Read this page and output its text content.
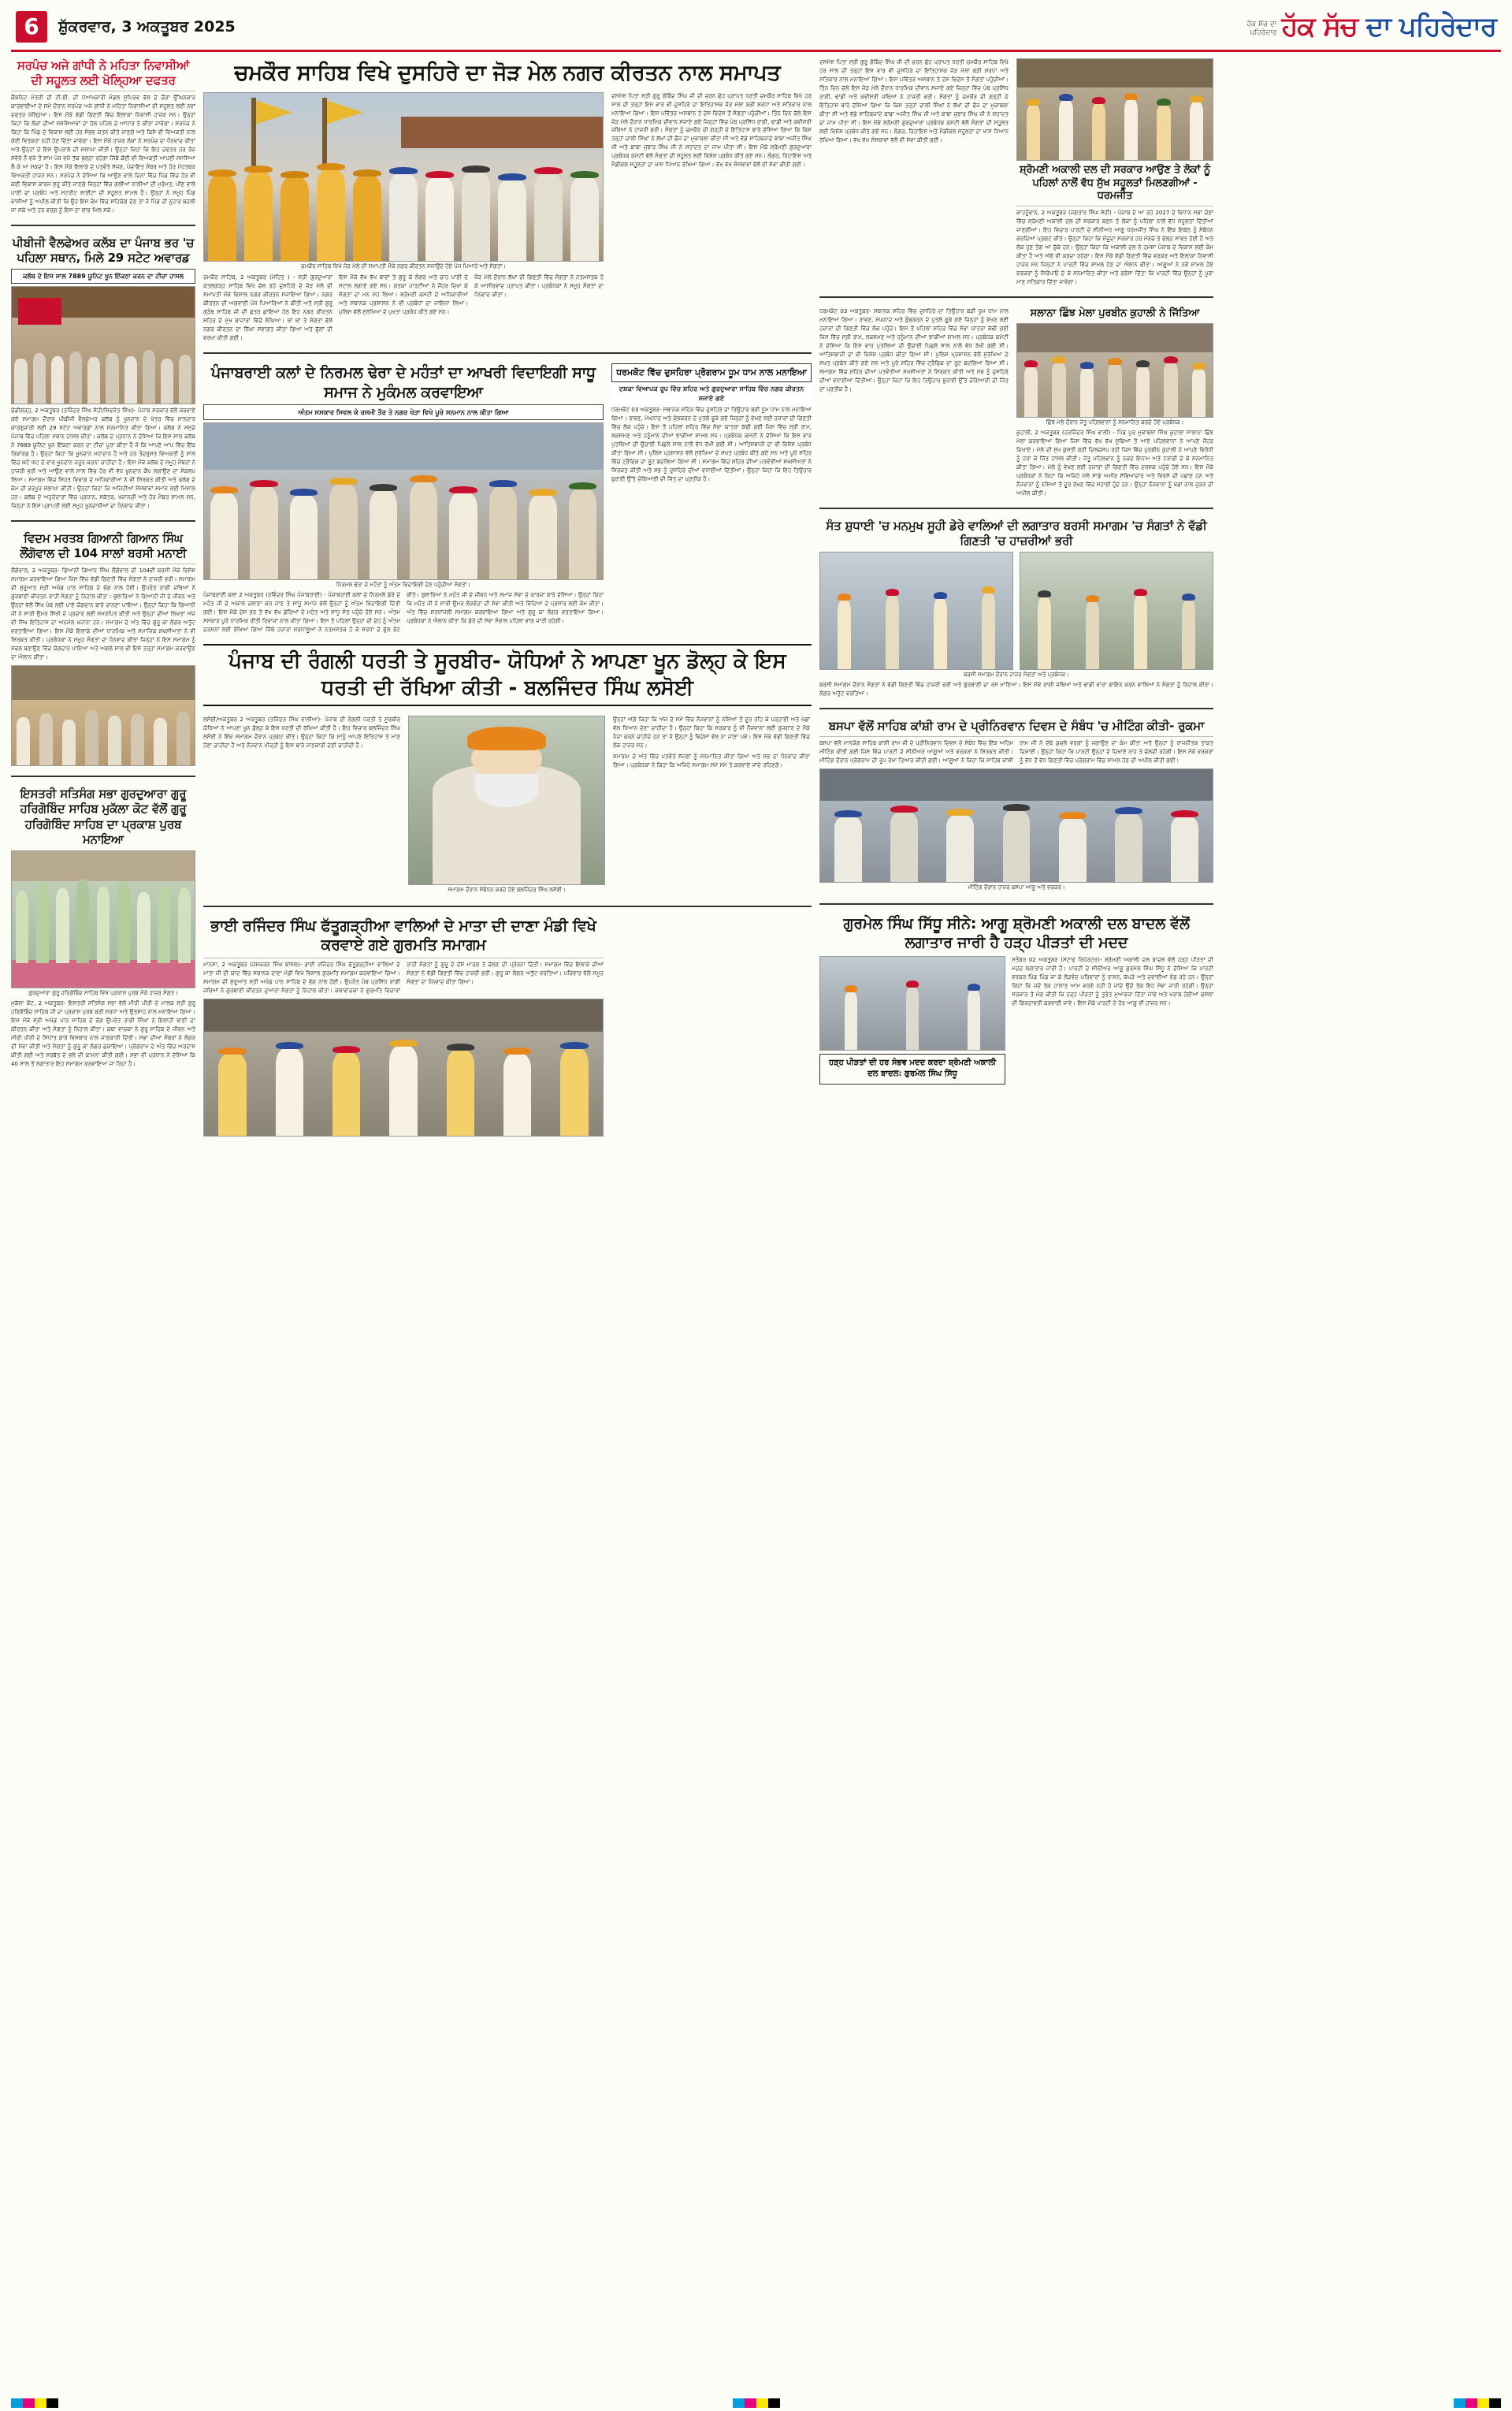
6	ਸ਼ੁੱਕਰਵਾਰ, 3 ਅਕਤੂਬਰ 2025	ਹੱਕ ਸੱਚ ਦਾ
ਪਹਿਰੇਦਾਰ ਹੱਕ ਸੱਚ ਦਾ ਪਹਿਰੇਦਾਰ
ਸਰਪੰਚ ਅਜੇ ਗਾਂਧੀ ਨੇ ਮਹਿਤਾ ਨਿਵਾਸੀਆਂ ਦੀ ਸਹੂਲਤ ਲਈ ਖੋਲ੍ਹਿਆ ਦਫਤਰ
ਕੈਬਨਿਟ ਮੰਤਰੀ ਦੀ ਟੀ.ਈ. ਦੀ ਧਆਖਕਾਰੀ ਮੰਡਲ ਸੁਪਿਰਵ ਵੱਲ ਦੇ ਚੌੜਾ ਉੱਘਨਕਾਰ ਕਾਰਵਾਈਆਂ ਦੇ ਸਮੇਂ ਦੌਰਾਨ ਸਰਪੰਚ ਅਜੇ ਗਾਂਧੀ ਨੇ ਮਹਿਤਾ ਨਿਵਾਸੀਆਂ ਦੀ ਸਹੂਲਤ ਲਈ ਨਵਾਂ ਦਫਤਰ ਖੋਲ੍ਹਿਆ। ਇਸ ਮੌਕੇ ਵੱਡੀ ਗਿਣਤੀ ਵਿੱਚ ਇਲਾਕਾ ਨਿਵਾਸੀ ਹਾਜ਼ਰ ਸਨ। ਉਨ੍ਹਾਂ ਕਿਹਾ ਕਿ ਲੋਕਾਂ ਦੀਆਂ ਸਮੱਸਿਆਵਾਂ ਦਾ ਹੱਲ ਪਹਿਲ ਦੇ ਆਧਾਰ ਤੇ ਕੀਤਾ ਜਾਵੇਗਾ। ਸਰਪੰਚ ਨੇ ਕਿਹਾ ਕਿ ਪਿੰਡ ਦੇ ਵਿਕਾਸ ਲਈ ਹਰ ਸੰਭਵ ਯਤਨ ਕੀਤੇ ਜਾਣਗੇ ਅਤੇ ਕਿਸੇ ਵੀ ਵਿਅਕਤੀ ਨਾਲ ਕੋਈ ਵਿਤਕਰਾ ਨਹੀਂ ਹੋਣ ਦਿੱਤਾ ਜਾਵੇਗਾ। ਇਸ ਮੌਕੇ ਹਾਜ਼ਰ ਲੋਕਾਂ ਨੇ ਸਰਪੰਚ ਦਾ ਧੰਨਵਾਦ ਕੀਤਾ ਅਤੇ ਉਨ੍ਹਾਂ ਦੇ ਇਸ ਉਪਰਾਲੇ ਦੀ ਸ਼ਲਾਘਾ ਕੀਤੀ। ਉਨ੍ਹਾਂ ਕਿਹਾ ਕਿ ਇਹ ਦਫਤਰ ਹਰ ਰੋਜ਼ ਸਵੇਰੇ ਨੌ ਵਜੇ ਤੋਂ ਸ਼ਾਮ ਪੰਜ ਵਜੇ ਤੱਕ ਖੁੱਲ੍ਹਾ ਰਹੇਗਾ ਜਿੱਥੇ ਕੋਈ ਵੀ ਵਿਅਕਤੀ ਆਪਣੀ ਸਮੱਸਿਆ ਲੈ ਕੇ ਆ ਸਕਦਾ ਹੈ। ਇਸ ਮੌਕੇ ਇਲਾਕੇ ਦੇ ਪਤਵੰਤੇ ਸੱਜਣ, ਪੰਚਾਇਤ ਮੈਂਬਰ ਅਤੇ ਹੋਰ ਮੋਹਤਬਰ ਵਿਅਕਤੀ ਹਾਜ਼ਰ ਸਨ। ਸਰਪੰਚ ਨੇ ਦੱਸਿਆ ਕਿ ਆਉਣ ਵਾਲੇ ਦਿਨਾਂ ਵਿੱਚ ਪਿੰਡ ਵਿੱਚ ਹੋਰ ਵੀ ਕਈ ਵਿਕਾਸ ਕਾਰਜ ਸ਼ੁਰੂ ਕੀਤੇ ਜਾਣਗੇ ਜਿਨ੍ਹਾਂ ਵਿੱਚ ਗਲੀਆਂ ਨਾਲੀਆਂ ਦੀ ਮੁਰੰਮਤ, ਪੀਣ ਵਾਲੇ ਪਾਣੀ ਦਾ ਪ੍ਰਬੰਧ ਅਤੇ ਸਟਰੀਟ ਲਾਈਟਾਂ ਦੀ ਸਹੂਲਤ ਸ਼ਾਮਲ ਹੈ। ਉਨ੍ਹਾਂ ਨੇ ਸਮੂਹ ਪਿੰਡ ਵਾਸੀਆਂ ਨੂੰ ਅਪੀਲ ਕੀਤੀ ਕਿ ਉਹ ਇਸ ਕੰਮ ਵਿੱਚ ਸਹਿਯੋਗ ਦੇਣ ਤਾਂ ਜੋ ਪਿੰਡ ਦੀ ਨੁਹਾਰ ਬਦਲੀ ਜਾ ਸਕੇ ਅਤੇ ਹਰ ਵਰਗ ਨੂੰ ਇਸ ਦਾ ਲਾਭ ਮਿਲ ਸਕੇ।
ਪੀਬੀਜੀ ਵੈਲਫੇਅਰ ਕਲੱਬ ਦਾ ਪੰਜਾਬ ਭਰ 'ਚ ਪਹਿਲਾ ਸਥਾਨ, ਮਿਲੇ 29 ਸਟੇਟ ਅਵਾਰਡ
ਕਲੱਬ ਦੇ ਇਸ ਸਾਲ 7889 ਯੂਨਿਟ ਖੂਨ ਇੱਕਠਾ ਕਰਨ ਦਾ ਟੀਚਾ ਹਾਸਲ
ਚੰਡੀਗੜ੍ਹ, 2 ਅਕਤੂਬਰ (ਤਜਿੰਦਰ ਸਿੰਘ ਸੋਹੀ/ਸ਼ਿਵਜੋਤ ਸਿੰਘ)- ਪੰਜਾਬ ਸਰਕਾਰ ਵੱਲੋਂ ਕਰਵਾਏ ਗਏ ਸਮਾਗਮ ਦੌਰਾਨ ਪੀਬੀਜੀ ਵੈਲਫੇਅਰ ਕਲੱਬ ਨੂੰ ਖੂਨਦਾਨ ਦੇ ਖੇਤਰ ਵਿੱਚ ਸ਼ਾਨਦਾਰ ਕਾਰਗੁਜ਼ਾਰੀ ਲਈ 29 ਸਟੇਟ ਅਵਾਰਡਾਂ ਨਾਲ ਸਨਮਾਨਿਤ ਕੀਤਾ ਗਿਆ। ਕਲੱਬ ਨੇ ਸਮੁੱਚੇ ਪੰਜਾਬ ਵਿੱਚ ਪਹਿਲਾ ਸਥਾਨ ਹਾਸਲ ਕੀਤਾ। ਕਲੱਬ ਦੇ ਪ੍ਰਧਾਨ ਨੇ ਦੱਸਿਆ ਕਿ ਇਸ ਸਾਲ ਕਲੱਬ ਨੇ 7889 ਯੂਨਿਟ ਖੂਨ ਇੱਕਠਾ ਕਰਨ ਦਾ ਟੀਚਾ ਪੂਰਾ ਕੀਤਾ ਹੈ ਜੋ ਕਿ ਆਪਣੇ ਆਪ ਵਿੱਚ ਇੱਕ ਰਿਕਾਰਡ ਹੈ। ਉਨ੍ਹਾਂ ਕਿਹਾ ਕਿ ਖੂਨਦਾਨ ਮਹਾਦਾਨ ਹੈ ਅਤੇ ਹਰ ਤੰਦਰੁਸਤ ਵਿਅਕਤੀ ਨੂੰ ਸਾਲ ਵਿੱਚ ਘੱਟੋ ਘੱਟ ਦੋ ਵਾਰ ਖੂਨਦਾਨ ਜ਼ਰੂਰ ਕਰਨਾ ਚਾਹੀਦਾ ਹੈ। ਇਸ ਮੌਕੇ ਕਲੱਬ ਦੇ ਸਮੂਹ ਮੈਂਬਰਾਂ ਨੇ ਹਾਜ਼ਰੀ ਭਰੀ ਅਤੇ ਆਉਣ ਵਾਲੇ ਸਾਲ ਵਿੱਚ ਹੋਰ ਵੀ ਵੱਧ ਖੂਨਦਾਨ ਕੈਂਪ ਲਗਾਉਣ ਦਾ ਸੰਕਲਪ ਲਿਆ। ਸਮਾਗਮ ਵਿੱਚ ਸਿਹਤ ਵਿਭਾਗ ਦੇ ਅਧਿਕਾਰੀਆਂ ਨੇ ਵੀ ਸ਼ਿਰਕਤ ਕੀਤੀ ਅਤੇ ਕਲੱਬ ਦੇ ਕੰਮ ਦੀ ਭਰਪੂਰ ਸ਼ਲਾਘਾ ਕੀਤੀ। ਉਨ੍ਹਾਂ ਕਿਹਾ ਕਿ ਅਜਿਹੀਆਂ ਸੰਸਥਾਵਾਂ ਸਮਾਜ ਲਈ ਮਿਸਾਲ ਹਨ। ਕਲੱਬ ਦੇ ਅਹੁਦੇਦਾਰਾਂ ਵਿੱਚ ਪ੍ਰਧਾਨ, ਸਕੱਤਰ, ਖਜ਼ਾਨਚੀ ਅਤੇ ਹੋਰ ਮੈਂਬਰ ਸ਼ਾਮਲ ਸਨ, ਜਿਨ੍ਹਾਂ ਨੇ ਇਸ ਪ੍ਰਾਪਤੀ ਲਈ ਸਮੂਹ ਖੂਨਦਾਨੀਆਂ ਦਾ ਧੰਨਵਾਦ ਕੀਤਾ।
ਵਿਦਮ ਮਰਤਬ ਗਿਆਨੀ ਗਿਆਨ ਸਿੰਘ ਲੌਂਗੋਵਾਲ ਦੀ 104 ਸਾਲਾਂ ਬਰਸੀ ਮਨਾਈ
ਲੌਂਗੋਵਾਲ, 2 ਅਕਤੂਬਰ- ਗਿਆਨੀ ਗਿਆਨ ਸਿੰਘ ਲੌਂਗੋਵਾਲ ਦੀ 104ਵੀਂ ਬਰਸੀ ਮੌਕੇ ਵਿਸ਼ੇਸ਼ ਸਮਾਗਮ ਕਰਵਾਇਆ ਗਿਆ ਜਿਸ ਵਿੱਚ ਵੱਡੀ ਗਿਣਤੀ ਵਿੱਚ ਸੰਗਤਾਂ ਨੇ ਹਾਜ਼ਰੀ ਭਰੀ। ਸਮਾਗਮ ਦੀ ਸ਼ੁਰੂਆਤ ਸ੍ਰੀ ਅਖੰਡ ਪਾਠ ਸਾਹਿਬ ਦੇ ਭੋਗ ਨਾਲ ਹੋਈ। ਉਪਰੰਤ ਰਾਗੀ ਜਥਿਆਂ ਨੇ ਗੁਰਬਾਣੀ ਕੀਰਤਨ ਰਾਹੀਂ ਸੰਗਤਾਂ ਨੂੰ ਨਿਹਾਲ ਕੀਤਾ। ਬੁਲਾਰਿਆਂ ਨੇ ਗਿਆਨੀ ਜੀ ਦੇ ਜੀਵਨ ਅਤੇ ਉਨ੍ਹਾਂ ਵੱਲੋਂ ਸਿੱਖ ਪੰਥ ਲਈ ਪਾਏ ਯੋਗਦਾਨ ਬਾਰੇ ਚਾਨਣਾ ਪਾਇਆ। ਉਨ੍ਹਾਂ ਕਿਹਾ ਕਿ ਗਿਆਨੀ ਜੀ ਨੇ ਸਾਰੀ ਉਮਰ ਸਿੱਖੀ ਦੇ ਪ੍ਰਚਾਰ ਲਈ ਸਮਰਪਿਤ ਕੀਤੀ ਅਤੇ ਉਨ੍ਹਾਂ ਦੀਆਂ ਲਿਖਤਾਂ ਅੱਜ ਵੀ ਸਿੱਖ ਇਤਿਹਾਸ ਦਾ ਅਨਮੋਲ ਖਜ਼ਾਨਾ ਹਨ। ਸਮਾਗਮ ਦੇ ਅੰਤ ਵਿੱਚ ਗੁਰੂ ਕਾ ਲੰਗਰ ਅਤੁੱਟ ਵਰਤਾਇਆ ਗਿਆ। ਇਸ ਮੌਕੇ ਇਲਾਕੇ ਦੀਆਂ ਧਾਰਮਿਕ ਅਤੇ ਸਮਾਜਿਕ ਸ਼ਖਸੀਅਤਾਂ ਨੇ ਵੀ ਸ਼ਿਰਕਤ ਕੀਤੀ। ਪ੍ਰਬੰਧਕਾਂ ਨੇ ਸਮੂਹ ਸੰਗਤਾਂ ਦਾ ਧੰਨਵਾਦ ਕੀਤਾ ਜਿਨ੍ਹਾਂ ਨੇ ਇਸ ਸਮਾਗਮ ਨੂੰ ਸਫਲ ਬਣਾਉਣ ਵਿੱਚ ਯੋਗਦਾਨ ਪਾਇਆ ਅਤੇ ਅਗਲੇ ਸਾਲ ਵੀ ਇਸੇ ਤਰ੍ਹਾਂ ਸਮਾਗਮ ਕਰਵਾਉਣ ਦਾ ਐਲਾਨ ਕੀਤਾ।
ਇਸਤਰੀ ਸਤਿਸੰਗ ਸਭਾ ਗੁਰਦੁਆਰਾ ਗੁਰੂ ਹਰਿਗੋਬਿੰਦ ਸਾਹਿਬ ਮੁਕੱਲਾ ਕੋਟ ਵੱਲੋਂ ਗੁਰੂ ਹਰਿਗੋਬਿੰਦ ਸਾਹਿਬ ਦਾ ਪ੍ਰਕਾਸ਼ ਪੁਰਬ ਮਨਾਇਆ
ਗੁਰਦੁਆਰਾ ਗੁਰੂ ਹਰਿਗੋਬਿੰਦ ਸਾਹਿਬ ਵਿਖੇ ਪ੍ਰਕਾਸ਼ ਪੁਰਬ ਮੌਕੇ ਹਾਜ਼ਰ ਸੰਗਤ।
ਮੁਕੱਲਾ ਕੋਟ, 2 ਅਕਤੂਬਰ- ਇਸਤਰੀ ਸਤਿਸੰਗ ਸਭਾ ਵੱਲੋਂ ਮੀਰੀ ਪੀਰੀ ਦੇ ਮਾਲਕ ਸ੍ਰੀ ਗੁਰੂ ਹਰਿਗੋਬਿੰਦ ਸਾਹਿਬ ਜੀ ਦਾ ਪ੍ਰਕਾਸ਼ ਪੁਰਬ ਬੜੀ ਸ਼ਰਧਾ ਅਤੇ ਉਤਸ਼ਾਹ ਨਾਲ ਮਨਾਇਆ ਗਿਆ। ਇਸ ਮੌਕੇ ਸ੍ਰੀ ਅਖੰਡ ਪਾਠ ਸਾਹਿਬ ਦੇ ਭੋਗ ਉਪਰੰਤ ਰਾਗੀ ਸਿੰਘਾਂ ਨੇ ਇਲਾਹੀ ਬਾਣੀ ਦਾ ਕੀਰਤਨ ਕੀਤਾ ਅਤੇ ਸੰਗਤਾਂ ਨੂੰ ਨਿਹਾਲ ਕੀਤਾ। ਕਥਾ ਵਾਚਕਾਂ ਨੇ ਗੁਰੂ ਸਾਹਿਬ ਦੇ ਜੀਵਨ ਅਤੇ ਮੀਰੀ ਪੀਰੀ ਦੇ ਸਿਧਾਂਤ ਬਾਰੇ ਵਿਸਥਾਰ ਨਾਲ ਜਾਣਕਾਰੀ ਦਿੱਤੀ। ਸਭਾ ਦੀਆਂ ਮੈਂਬਰਾਂ ਨੇ ਲੰਗਰ ਦੀ ਸੇਵਾ ਕੀਤੀ ਅਤੇ ਸੰਗਤਾਂ ਨੂੰ ਗੁਰੂ ਕਾ ਲੰਗਰ ਛਕਾਇਆ। ਪ੍ਰੋਗਰਾਮ ਦੇ ਅੰਤ ਵਿੱਚ ਅਰਦਾਸ ਕੀਤੀ ਗਈ ਅਤੇ ਸਰਬੱਤ ਦੇ ਭਲੇ ਦੀ ਕਾਮਨਾ ਕੀਤੀ ਗਈ। ਸਭਾ ਦੀ ਪ੍ਰਧਾਨ ਨੇ ਦੱਸਿਆ ਕਿ 40 ਸਾਲ ਤੋਂ ਲਗਾਤਾਰ ਇਹ ਸਮਾਗਮ ਕਰਵਾਇਆ ਜਾ ਰਿਹਾ ਹੈ।
ਚਮਕੌਰ ਸਾਹਿਬ ਵਿਖੇ ਦੁਸਹਿਰੇ ਦਾ ਜੋੜ ਮੇਲ ਨਗਰ ਕੀਰਤਨ ਨਾਲ ਸਮਾਪਤ
ਚਮਕੌਰ ਸਾਹਿਬ ਵਿਖੇ ਜੋੜ ਮੇਲੇ ਦੀ ਸਮਾਪਤੀ ਮੌਕੇ ਨਗਰ ਕੀਰਤਨ ਸਜਾਉਂਦੇ ਹੋਏ ਪੰਜ ਪਿਆਰੇ ਅਤੇ ਸੰਗਤਾਂ।
ਚਮਕੌਰ ਸਾਹਿਬ, 2 ਅਕਤੂਬਰ (ਮੋਹਿਤ ) - ਸ੍ਰੀ ਗੁਰਦੁਆਰਾ ਕਤਲਗੜ੍ਹ ਸਾਹਿਬ ਵਿਖੇ ਚੱਲ ਰਹੇ ਦੁਸਹਿਰੇ ਦੇ ਜੋੜ ਮੇਲੇ ਦੀ ਸਮਾਪਤੀ ਮੌਕੇ ਵਿਸ਼ਾਲ ਨਗਰ ਕੀਰਤਨ ਸਜਾਇਆ ਗਿਆ। ਨਗਰ ਕੀਰਤਨ ਦੀ ਅਗਵਾਈ ਪੰਜ ਪਿਆਰਿਆਂ ਨੇ ਕੀਤੀ ਅਤੇ ਸ੍ਰੀ ਗੁਰੂ ਗ੍ਰੰਥ ਸਾਹਿਬ ਜੀ ਦੀ ਛਤਰ ਛਾਇਆ ਹੇਠ ਇਹ ਨਗਰ ਕੀਰਤਨ ਸ਼ਹਿਰ ਦੇ ਮੁੱਖ ਬਾਜ਼ਾਰਾਂ ਵਿੱਚੋਂ ਲੰਘਿਆ। ਥਾਂ ਥਾਂ ਤੇ ਸੰਗਤਾਂ ਵੱਲੋਂ ਨਗਰ ਕੀਰਤਨ ਦਾ ਨਿੱਘਾ ਸਵਾਗਤ ਕੀਤਾ ਗਿਆ ਅਤੇ ਫੁੱਲਾਂ ਦੀ ਵਰਖਾ ਕੀਤੀ ਗਈ।
ਇਸ ਮੌਕੇ ਵੱਖ ਵੱਖ ਥਾਵਾਂ ਤੇ ਗੁਰੂ ਕੇ ਲੰਗਰ ਅਤੇ ਚਾਹ ਪਾਣੀ ਦੇ ਸਟਾਲ ਲਗਾਏ ਗਏ ਸਨ। ਗਤਕਾ ਪਾਰਟੀਆਂ ਨੇ ਜੌਹਰ ਦਿਖਾ ਕੇ ਸੰਗਤਾਂ ਦਾ ਮਨ ਮੋਹ ਲਿਆ। ਸ਼੍ਰੋਮਣੀ ਕਮੇਟੀ ਦੇ ਅਧਿਕਾਰੀਆਂ ਅਤੇ ਸਥਾਨਕ ਪ੍ਰਸ਼ਾਸਨ ਨੇ ਵੀ ਪ੍ਰਬੰਧਾਂ ਦਾ ਜਾਇਜ਼ਾ ਲਿਆ। ਪੁਲਿਸ ਵੱਲੋਂ ਸੁਰੱਖਿਆ ਦੇ ਪੁਖਤਾ ਪ੍ਰਬੰਧ ਕੀਤੇ ਗਏ ਸਨ।
ਜੋੜ ਮੇਲੇ ਦੌਰਾਨ ਲੱਖਾਂ ਦੀ ਗਿਣਤੀ ਵਿੱਚ ਸੰਗਤਾਂ ਨੇ ਨਤਮਸਤਕ ਹੋ ਕੇ ਆਸ਼ੀਰਵਾਦ ਪ੍ਰਾਪਤ ਕੀਤਾ। ਪ੍ਰਬੰਧਕਾਂ ਨੇ ਸਮੂਹ ਸੰਗਤਾਂ ਦਾ ਧੰਨਵਾਦ ਕੀਤਾ।
ਦਸਮੇਸ਼ ਪਿਤਾ ਸ੍ਰੀ ਗੁਰੂ ਗੋਬਿੰਦ ਸਿੰਘ ਜੀ ਦੀ ਚਰਨ ਛੋਹ ਪ੍ਰਾਪਤ ਧਰਤੀ ਚਮਕੌਰ ਸਾਹਿਬ ਵਿਖੇ ਹਰ ਸਾਲ ਦੀ ਤਰ੍ਹਾਂ ਇਸ ਵਾਰ ਵੀ ਦੁਸਹਿਰੇ ਦਾ ਇਤਿਹਾਸਕ ਜੋੜ ਮੇਲਾ ਬੜੀ ਸ਼ਰਧਾ ਅਤੇ ਸਤਿਕਾਰ ਨਾਲ ਮਨਾਇਆ ਗਿਆ। ਇਸ ਪਵਿੱਤਰ ਅਸਥਾਨ ਤੇ ਦੇਸ਼ ਵਿਦੇਸ਼ ਤੋਂ ਸੰਗਤਾਂ ਪਹੁੰਚੀਆਂ। ਤਿੰਨ ਦਿਨ ਚੱਲੇ ਇਸ ਜੋੜ ਮੇਲੇ ਦੌਰਾਨ ਧਾਰਮਿਕ ਦੀਵਾਨ ਸਜਾਏ ਗਏ ਜਿਨ੍ਹਾਂ ਵਿੱਚ ਪੰਥ ਪ੍ਰਸਿੱਧ ਰਾਗੀ, ਢਾਡੀ ਅਤੇ ਕਵੀਸ਼ਰੀ ਜਥਿਆਂ ਨੇ ਹਾਜ਼ਰੀ ਭਰੀ। ਸੰਗਤਾਂ ਨੂੰ ਚਮਕੌਰ ਦੀ ਗੜ੍ਹੀ ਦੇ ਇਤਿਹਾਸ ਬਾਰੇ ਦੱਸਿਆ ਗਿਆ ਕਿ ਕਿਸ ਤਰ੍ਹਾਂ ਚਾਲੀ ਸਿੰਘਾਂ ਨੇ ਲੱਖਾਂ ਦੀ ਫੌਜ ਦਾ ਮੁਕਾਬਲਾ ਕੀਤਾ ਸੀ ਅਤੇ ਵੱਡੇ ਸਾਹਿਬਜ਼ਾਦੇ ਬਾਬਾ ਅਜੀਤ ਸਿੰਘ ਜੀ ਅਤੇ ਬਾਬਾ ਜੁਝਾਰ ਸਿੰਘ ਜੀ ਨੇ ਸ਼ਹਾਦਤ ਦਾ ਜਾਮ ਪੀਤਾ ਸੀ। ਇਸ ਮੌਕੇ ਸ਼੍ਰੋਮਣੀ ਗੁਰਦੁਆਰਾ ਪ੍ਰਬੰਧਕ ਕਮੇਟੀ ਵੱਲੋਂ ਸੰਗਤਾਂ ਦੀ ਸਹੂਲਤ ਲਈ ਵਿਸ਼ੇਸ਼ ਪ੍ਰਬੰਧ ਕੀਤੇ ਗਏ ਸਨ। ਲੰਗਰ, ਰਿਹਾਇਸ਼ ਅਤੇ ਮੈਡੀਕਲ ਸਹੂਲਤਾਂ ਦਾ ਖਾਸ ਧਿਆਨ ਰੱਖਿਆ ਗਿਆ। ਵੱਖ ਵੱਖ ਸੰਸਥਾਵਾਂ ਵੱਲੋਂ ਵੀ ਸੇਵਾ ਕੀਤੀ ਗਈ।
ਪੰਜਾਬਰਾਈ ਕਲਾਂ ਦੇ ਨਿਰਮਲ ਢੇਰਾ ਦੇ ਮਹੰਤਾਂ ਦਾ ਆਖਰੀ ਵਿਦਾਇਗੀ ਸਾਧੂ ਸਮਾਜ ਨੇ ਮੁਕੰਮਲ ਕਰਵਾਇਆ
ਅੰਤਮ ਸਸਕਾਰ ਸਿਵਲ ਕੇ ਰਸਮੀ ਤੌਰ ਤੇ ਨਗਰ ਖੇੜਾ ਵਿਖੇ ਪੂਰੇ ਸਨਮਾਨ ਨਾਲ ਕੀਤਾ ਗਿਆ
ਨਿਰਮਲ ਢੇਰਾ ਦੇ ਮਹੰਤਾਂ ਨੂੰ ਅੰਤਮ ਵਿਦਾਇਗੀ ਦੇਣ ਪਹੁੰਚੀਆਂ ਸੰਗਤਾਂ।
ਪੰਜਾਬਰਾਈ ਕਲਾਂ 2 ਅਕਤੂਬਰ (ਰਵਿੰਦਰ ਸਿੰਘ ਪੰਜਾਬਰਾਈ) - ਪੰਜਾਬਰਾਈ ਕਲਾਂ ਦੇ ਨਿਰਮਲੇ ਡੇਰੇ ਦੇ ਮਹੰਤ ਜੀ ਦੇ ਅਕਾਲ ਚਲਾਣਾ ਕਰ ਜਾਣ ਤੇ ਸਾਧੂ ਸਮਾਜ ਵੱਲੋਂ ਉਨ੍ਹਾਂ ਨੂੰ ਅੰਤਮ ਵਿਦਾਇਗੀ ਦਿੱਤੀ ਗਈ। ਇਸ ਮੌਕੇ ਦੇਸ਼ ਭਰ ਤੋਂ ਵੱਖ ਵੱਖ ਡੇਰਿਆਂ ਦੇ ਮਹੰਤ ਅਤੇ ਸਾਧੂ ਸੰਤ ਪਹੁੰਚੇ ਹੋਏ ਸਨ। ਅੰਤਮ ਸਸਕਾਰ ਪੂਰੇ ਧਾਰਮਿਕ ਰੀਤੀ ਰਿਵਾਜਾਂ ਨਾਲ ਕੀਤਾ ਗਿਆ। ਇਸ ਤੋਂ ਪਹਿਲਾਂ ਉਨ੍ਹਾਂ ਦੀ ਦੇਹ ਨੂੰ ਅੰਤਮ ਦਰਸ਼ਨਾਂ ਲਈ ਰੱਖਿਆ ਗਿਆ ਜਿੱਥੇ ਹਜ਼ਾਰਾਂ ਸ਼ਰਧਾਲੂਆਂ ਨੇ ਨਤਮਸਤਕ ਹੋ ਕੇ ਸ਼ਰਧਾ ਦੇ ਫੁੱਲ ਭੇਟ ਕੀਤੇ। ਬੁਲਾਰਿਆਂ ਨੇ ਮਹੰਤ ਜੀ ਦੇ ਜੀਵਨ ਅਤੇ ਸਮਾਜ ਸੇਵਾ ਦੇ ਕਾਰਜਾਂ ਬਾਰੇ ਦੱਸਿਆ। ਉਨ੍ਹਾਂ ਕਿਹਾ ਕਿ ਮਹੰਤ ਜੀ ਨੇ ਸਾਰੀ ਉਮਰ ਲੋੜਵੰਦਾਂ ਦੀ ਸੇਵਾ ਕੀਤੀ ਅਤੇ ਵਿੱਦਿਆ ਦੇ ਪ੍ਰਸਾਰ ਲਈ ਕੰਮ ਕੀਤਾ। ਅੰਤ ਵਿੱਚ ਸ਼ਰਧਾਂਜਲੀ ਸਮਾਗਮ ਕਰਵਾਇਆ ਗਿਆ ਅਤੇ ਗੁਰੂ ਕਾ ਲੰਗਰ ਵਰਤਾਇਆ ਗਿਆ। ਪ੍ਰਬੰਧਕਾਂ ਨੇ ਐਲਾਨ ਕੀਤਾ ਕਿ ਡੇਰੇ ਦੀ ਸੇਵਾ ਸੰਭਾਲ ਪਹਿਲਾਂ ਵਾਂਗ ਜਾਰੀ ਰਹੇਗੀ।
ਧਰਮਕੋਟ ਵਿੱਚ ਦੁਸਹਿਰਾ ਪ੍ਰੋਗਰਾਮ ਧੂਮ ਧਾਮ ਨਾਲ ਮਨਾਇਆ
ਦਸ਼ਕਾ ਵਿਆਪਕ ਰੂਪ ਵਿੱਚ ਸ਼ਹਿਰ ਅਤੇ ਗੁਰਦੁਆਰਾ ਸਾਹਿਬ ਵਿੱਚ ਨਗਰ ਕੀਰਤਨ ਸਜਾਏ ਗਏ
ਧਰਮਕੋਟ 03 ਅਕਤੂਬਰ- ਸਥਾਨਕ ਸ਼ਹਿਰ ਵਿੱਚ ਦੁਸਹਿਰੇ ਦਾ ਤਿਉਹਾਰ ਬੜੀ ਧੂਮ ਧਾਮ ਨਾਲ ਮਨਾਇਆ ਗਿਆ। ਰਾਵਣ, ਮੇਘਨਾਦ ਅਤੇ ਕੁੰਭਕਰਨ ਦੇ ਪੁਤਲੇ ਫੂਕੇ ਗਏ ਜਿਨ੍ਹਾਂ ਨੂੰ ਵੇਖਣ ਲਈ ਹਜ਼ਾਰਾਂ ਦੀ ਗਿਣਤੀ ਵਿੱਚ ਲੋਕ ਪਹੁੰਚੇ। ਇਸ ਤੋਂ ਪਹਿਲਾਂ ਸ਼ਹਿਰ ਵਿੱਚ ਸ਼ੋਭਾ ਯਾਤਰਾ ਕੱਢੀ ਗਈ ਜਿਸ ਵਿੱਚ ਸ੍ਰੀ ਰਾਮ, ਲਕਸ਼ਮਣ ਅਤੇ ਹਨੂੰਮਾਨ ਦੀਆਂ ਝਾਕੀਆਂ ਸ਼ਾਮਲ ਸਨ। ਪ੍ਰਬੰਧਕ ਕਮੇਟੀ ਨੇ ਦੱਸਿਆ ਕਿ ਇਸ ਵਾਰ ਪੁਤਲਿਆਂ ਦੀ ਉਚਾਈ ਪਿਛਲੇ ਸਾਲ ਨਾਲੋਂ ਵੱਧ ਰੱਖੀ ਗਈ ਸੀ। ਆਤਿਸ਼ਬਾਜ਼ੀ ਦਾ ਵੀ ਵਿਸ਼ੇਸ਼ ਪ੍ਰਬੰਧ ਕੀਤਾ ਗਿਆ ਸੀ। ਪੁਲਿਸ ਪ੍ਰਸ਼ਾਸਨ ਵੱਲੋਂ ਸੁਰੱਖਿਆ ਦੇ ਸਖਤ ਪ੍ਰਬੰਧ ਕੀਤੇ ਗਏ ਸਨ ਅਤੇ ਪੂਰੇ ਸ਼ਹਿਰ ਵਿੱਚ ਟ੍ਰੈਫਿਕ ਦਾ ਰੂਟ ਬਦਲਿਆ ਗਿਆ ਸੀ। ਸਮਾਗਮ ਵਿੱਚ ਸ਼ਹਿਰ ਦੀਆਂ ਪਤਵੰਤੀਆਂ ਸ਼ਖਸੀਅਤਾਂ ਨੇ ਸ਼ਿਰਕਤ ਕੀਤੀ ਅਤੇ ਸਭ ਨੂੰ ਦੁਸਹਿਰੇ ਦੀਆਂ ਵਧਾਈਆਂ ਦਿੱਤੀਆਂ। ਉਨ੍ਹਾਂ ਕਿਹਾ ਕਿ ਇਹ ਤਿਉਹਾਰ ਬੁਰਾਈ ਉੱਤੇ ਚੰਗਿਆਈ ਦੀ ਜਿੱਤ ਦਾ ਪ੍ਰਤੀਕ ਹੈ।
ਪੰਜਾਬ ਦੀ ਰੰਗਲੀ ਧਰਤੀ ਤੇ ਸੂਰਬੀਰ- ਯੋਧਿਆਂ ਨੇ ਆਪਣਾ ਖੂਨ ਡੋਲ੍ਹ ਕੇ ਇਸ ਧਰਤੀ ਦੀ ਰੱਖਿਆ ਕੀਤੀ - ਬਲਜਿੰਦਰ ਸਿੰਘ ਲਸੋਈ
ਲਸੋਈ/ਅਕਤੂਬਰ 2 ਅਕਤੂਬਰ (ਤਜਿੰਦਰ ਸਿੰਘ ਵਾਲੀਆ)- ਪੰਜਾਬ ਦੀ ਰੰਗਲੀ ਧਰਤੀ ਤੇ ਸੂਰਬੀਰ ਯੋਧਿਆਂ ਨੇ ਆਪਣਾ ਖੂਨ ਡੋਲ੍ਹ ਕੇ ਇਸ ਧਰਤੀ ਦੀ ਰੱਖਿਆ ਕੀਤੀ ਹੈ। ਇਹ ਵਿਚਾਰ ਬਲਜਿੰਦਰ ਸਿੰਘ ਲਸੋਈ ਨੇ ਇੱਕ ਸਮਾਗਮ ਦੌਰਾਨ ਪ੍ਰਗਟ ਕੀਤੇ। ਉਨ੍ਹਾਂ ਕਿਹਾ ਕਿ ਸਾਨੂੰ ਆਪਣੇ ਇਤਿਹਾਸ ਤੇ ਮਾਣ ਹੋਣਾ ਚਾਹੀਦਾ ਹੈ ਅਤੇ ਨੌਜਵਾਨ ਪੀੜ੍ਹੀ ਨੂੰ ਇਸ ਬਾਰੇ ਜਾਣਕਾਰੀ ਦੇਣੀ ਚਾਹੀਦੀ ਹੈ।
ਸਮਾਗਮ ਦੌਰਾਨ ਸੰਬੋਧਨ ਕਰਦੇ ਹੋਏ ਬਲਜਿੰਦਰ ਸਿੰਘ ਲਸੋਈ।
ਉਨ੍ਹਾਂ ਅੱਗੇ ਕਿਹਾ ਕਿ ਅੱਜ ਦੇ ਸਮੇਂ ਵਿੱਚ ਨੌਜਵਾਨਾਂ ਨੂੰ ਨਸ਼ਿਆਂ ਤੋਂ ਦੂਰ ਰਹਿ ਕੇ ਪੜ੍ਹਾਈ ਅਤੇ ਖੇਡਾਂ ਵੱਲ ਧਿਆਨ ਦੇਣਾ ਚਾਹੀਦਾ ਹੈ। ਉਨ੍ਹਾਂ ਕਿਹਾ ਕਿ ਸਰਕਾਰ ਨੂੰ ਵੀ ਨੌਜਵਾਨਾਂ ਲਈ ਰੁਜ਼ਗਾਰ ਦੇ ਮੌਕੇ ਪੈਦਾ ਕਰਨੇ ਚਾਹੀਦੇ ਹਨ ਤਾਂ ਜੋ ਉਨ੍ਹਾਂ ਨੂੰ ਵਿਦੇਸ਼ਾਂ ਵੱਲ ਨਾ ਜਾਣਾ ਪਵੇ। ਇਸ ਮੌਕੇ ਵੱਡੀ ਗਿਣਤੀ ਵਿੱਚ ਲੋਕ ਹਾਜ਼ਰ ਸਨ।
ਸਮਾਗਮ ਦੇ ਅੰਤ ਵਿੱਚ ਪਤਵੰਤੇ ਸੱਜਣਾਂ ਨੂੰ ਸਨਮਾਨਿਤ ਕੀਤਾ ਗਿਆ ਅਤੇ ਸਭ ਦਾ ਧੰਨਵਾਦ ਕੀਤਾ ਗਿਆ। ਪ੍ਰਬੰਧਕਾਂ ਨੇ ਕਿਹਾ ਕਿ ਅਜਿਹੇ ਸਮਾਗਮ ਸਮੇਂ ਸਮੇਂ ਤੇ ਕਰਵਾਏ ਜਾਂਦੇ ਰਹਿਣਗੇ।
ਭਾਈ ਰਜਿੰਦਰ ਸਿੰਘ ਫੱਤੂਗੜ੍ਹੀਆ ਵਾਲਿਆਂ ਦੇ ਮਾਤਾ ਦੀ ਦਾਣਾ ਮੰਡੀ ਵਿਖੇ ਕਰਵਾਏ ਗਏ ਗੁਰਮਤਿ ਸਮਾਗਮ
ਮਾਨਸਾ, 2 ਅਕਤੂਬਰ (ਜਸਕਰਨ ਸਿੰਘ ਬਾਂਸਲ)- ਭਾਈ ਰਜਿੰਦਰ ਸਿੰਘ ਫੱਤੂਗੜ੍ਹੀਆ ਵਾਲਿਆਂ ਦੇ ਮਾਤਾ ਜੀ ਦੀ ਯਾਦ ਵਿੱਚ ਸਥਾਨਕ ਦਾਣਾ ਮੰਡੀ ਵਿਖੇ ਵਿਸ਼ਾਲ ਗੁਰਮਤਿ ਸਮਾਗਮ ਕਰਵਾਇਆ ਗਿਆ। ਸਮਾਗਮ ਦੀ ਸ਼ੁਰੂਆਤ ਸ੍ਰੀ ਅਖੰਡ ਪਾਠ ਸਾਹਿਬ ਦੇ ਭੋਗ ਨਾਲ ਹੋਈ। ਉਪਰੰਤ ਪੰਥ ਪ੍ਰਸਿੱਧ ਰਾਗੀ ਜਥਿਆਂ ਨੇ ਗੁਰਬਾਣੀ ਕੀਰਤਨ ਦੁਆਰਾ ਸੰਗਤਾਂ ਨੂੰ ਨਿਹਾਲ ਕੀਤਾ। ਕਥਾਵਾਚਕਾਂ ਨੇ ਗੁਰਮਤਿ ਵਿਚਾਰਾਂ ਰਾਹੀਂ ਸੰਗਤਾਂ ਨੂੰ ਗੁਰੂ ਦੇ ਦੱਸੇ ਮਾਰਗ ਤੇ ਚੱਲਣ ਦੀ ਪ੍ਰੇਰਨਾ ਦਿੱਤੀ। ਸਮਾਗਮ ਵਿੱਚ ਇਲਾਕੇ ਦੀਆਂ ਸੰਗਤਾਂ ਨੇ ਵੱਡੀ ਗਿਣਤੀ ਵਿੱਚ ਹਾਜ਼ਰੀ ਭਰੀ। ਗੁਰੂ ਕਾ ਲੰਗਰ ਅਤੁੱਟ ਵਰਤਿਆ। ਪਰਿਵਾਰ ਵੱਲੋਂ ਸਮੂਹ ਸੰਗਤਾਂ ਦਾ ਧੰਨਵਾਦ ਕੀਤਾ ਗਿਆ।
ਦਸਮੇਸ਼ ਪਿਤਾ ਸ੍ਰੀ ਗੁਰੂ ਗੋਬਿੰਦ ਸਿੰਘ ਜੀ ਦੀ ਚਰਨ ਛੋਹ ਪ੍ਰਾਪਤ ਧਰਤੀ ਚਮਕੌਰ ਸਾਹਿਬ ਵਿਖੇ ਹਰ ਸਾਲ ਦੀ ਤਰ੍ਹਾਂ ਇਸ ਵਾਰ ਵੀ ਦੁਸਹਿਰੇ ਦਾ ਇਤਿਹਾਸਕ ਜੋੜ ਮੇਲਾ ਬੜੀ ਸ਼ਰਧਾ ਅਤੇ ਸਤਿਕਾਰ ਨਾਲ ਮਨਾਇਆ ਗਿਆ। ਇਸ ਪਵਿੱਤਰ ਅਸਥਾਨ ਤੇ ਦੇਸ਼ ਵਿਦੇਸ਼ ਤੋਂ ਸੰਗਤਾਂ ਪਹੁੰਚੀਆਂ। ਤਿੰਨ ਦਿਨ ਚੱਲੇ ਇਸ ਜੋੜ ਮੇਲੇ ਦੌਰਾਨ ਧਾਰਮਿਕ ਦੀਵਾਨ ਸਜਾਏ ਗਏ ਜਿਨ੍ਹਾਂ ਵਿੱਚ ਪੰਥ ਪ੍ਰਸਿੱਧ ਰਾਗੀ, ਢਾਡੀ ਅਤੇ ਕਵੀਸ਼ਰੀ ਜਥਿਆਂ ਨੇ ਹਾਜ਼ਰੀ ਭਰੀ। ਸੰਗਤਾਂ ਨੂੰ ਚਮਕੌਰ ਦੀ ਗੜ੍ਹੀ ਦੇ ਇਤਿਹਾਸ ਬਾਰੇ ਦੱਸਿਆ ਗਿਆ ਕਿ ਕਿਸ ਤਰ੍ਹਾਂ ਚਾਲੀ ਸਿੰਘਾਂ ਨੇ ਲੱਖਾਂ ਦੀ ਫੌਜ ਦਾ ਮੁਕਾਬਲਾ ਕੀਤਾ ਸੀ ਅਤੇ ਵੱਡੇ ਸਾਹਿਬਜ਼ਾਦੇ ਬਾਬਾ ਅਜੀਤ ਸਿੰਘ ਜੀ ਅਤੇ ਬਾਬਾ ਜੁਝਾਰ ਸਿੰਘ ਜੀ ਨੇ ਸ਼ਹਾਦਤ ਦਾ ਜਾਮ ਪੀਤਾ ਸੀ। ਇਸ ਮੌਕੇ ਸ਼੍ਰੋਮਣੀ ਗੁਰਦੁਆਰਾ ਪ੍ਰਬੰਧਕ ਕਮੇਟੀ ਵੱਲੋਂ ਸੰਗਤਾਂ ਦੀ ਸਹੂਲਤ ਲਈ ਵਿਸ਼ੇਸ਼ ਪ੍ਰਬੰਧ ਕੀਤੇ ਗਏ ਸਨ। ਲੰਗਰ, ਰਿਹਾਇਸ਼ ਅਤੇ ਮੈਡੀਕਲ ਸਹੂਲਤਾਂ ਦਾ ਖਾਸ ਧਿਆਨ ਰੱਖਿਆ ਗਿਆ। ਵੱਖ ਵੱਖ ਸੰਸਥਾਵਾਂ ਵੱਲੋਂ ਵੀ ਸੇਵਾ ਕੀਤੀ ਗਈ।
ਸ਼੍ਰੋਮਣੀ ਅਕਾਲੀ ਦਲ ਦੀ ਸਰਕਾਰ ਆਉਣ ਤੇ ਲੋਕਾਂ ਨੂੰ ਪਹਿਲਾਂ ਨਾਲੋਂ ਵੱਧ ਸੁੱਖ ਸਹੂਲਤਾਂ ਮਿਲਣਗੀਆਂ - ਧਰਮਜੀਤ
ਕਾਹਨੂੰਵਾਨ, 2 ਅਕਤੂਬਰ (ਜਗਤਾਰ ਸਿੰਘ ਸੋਹੀ) - ਪੰਜਾਬ ਦੇ ਆ ਰਹੇ 2027 ਦੇ ਵਿਧਾਨ ਸਭਾ ਚੋਣਾਂ ਵਿੱਚ ਸ਼੍ਰੋਮਣੀ ਅਕਾਲੀ ਦਲ ਦੀ ਸਰਕਾਰ ਬਣਨ ਤੇ ਲੋਕਾਂ ਨੂੰ ਪਹਿਲਾਂ ਨਾਲੋਂ ਵੱਧ ਸਹੂਲਤਾਂ ਦਿੱਤੀਆਂ ਜਾਣਗੀਆਂ। ਇਹ ਵਿਚਾਰ ਪਾਰਟੀ ਦੇ ਸੀਨੀਅਰ ਆਗੂ ਧਰਮਜੀਤ ਸਿੰਘ ਨੇ ਇੱਕ ਇਕੱਠ ਨੂੰ ਸੰਬੋਧਨ ਕਰਦਿਆਂ ਪ੍ਰਗਟ ਕੀਤੇ। ਉਨ੍ਹਾਂ ਕਿਹਾ ਕਿ ਮੌਜੂਦਾ ਸਰਕਾਰ ਹਰ ਮੋਰਚੇ ਤੇ ਫੇਲ੍ਹ ਸਾਬਤ ਹੋਈ ਹੈ ਅਤੇ ਲੋਕ ਹੁਣ ਤੰਗ ਆ ਚੁੱਕੇ ਹਨ। ਉਨ੍ਹਾਂ ਕਿਹਾ ਕਿ ਅਕਾਲੀ ਦਲ ਨੇ ਹਮੇਸ਼ਾ ਪੰਜਾਬ ਦੇ ਵਿਕਾਸ ਲਈ ਕੰਮ ਕੀਤਾ ਹੈ ਅਤੇ ਅੱਗੇ ਵੀ ਕਰਦਾ ਰਹੇਗਾ। ਇਸ ਮੌਕੇ ਵੱਡੀ ਗਿਣਤੀ ਵਿੱਚ ਵਰਕਰ ਅਤੇ ਇਲਾਕਾ ਨਿਵਾਸੀ ਹਾਜ਼ਰ ਸਨ ਜਿਨ੍ਹਾਂ ਨੇ ਪਾਰਟੀ ਵਿੱਚ ਸ਼ਾਮਲ ਹੋਣ ਦਾ ਐਲਾਨ ਕੀਤਾ। ਆਗੂਆਂ ਨੇ ਨਵੇਂ ਸ਼ਾਮਲ ਹੋਏ ਵਰਕਰਾਂ ਨੂੰ ਸਿਰੋਪਾਓ ਦੇ ਕੇ ਸਨਮਾਨਿਤ ਕੀਤਾ ਅਤੇ ਭਰੋਸਾ ਦਿੱਤਾ ਕਿ ਪਾਰਟੀ ਵਿੱਚ ਉਨ੍ਹਾਂ ਨੂੰ ਪੂਰਾ ਮਾਣ ਸਤਿਕਾਰ ਦਿੱਤਾ ਜਾਵੇਗਾ।
ਧਰਮਕੋਟ 03 ਅਕਤੂਬਰ- ਸਥਾਨਕ ਸ਼ਹਿਰ ਵਿੱਚ ਦੁਸਹਿਰੇ ਦਾ ਤਿਉਹਾਰ ਬੜੀ ਧੂਮ ਧਾਮ ਨਾਲ ਮਨਾਇਆ ਗਿਆ। ਰਾਵਣ, ਮੇਘਨਾਦ ਅਤੇ ਕੁੰਭਕਰਨ ਦੇ ਪੁਤਲੇ ਫੂਕੇ ਗਏ ਜਿਨ੍ਹਾਂ ਨੂੰ ਵੇਖਣ ਲਈ ਹਜ਼ਾਰਾਂ ਦੀ ਗਿਣਤੀ ਵਿੱਚ ਲੋਕ ਪਹੁੰਚੇ। ਇਸ ਤੋਂ ਪਹਿਲਾਂ ਸ਼ਹਿਰ ਵਿੱਚ ਸ਼ੋਭਾ ਯਾਤਰਾ ਕੱਢੀ ਗਈ ਜਿਸ ਵਿੱਚ ਸ੍ਰੀ ਰਾਮ, ਲਕਸ਼ਮਣ ਅਤੇ ਹਨੂੰਮਾਨ ਦੀਆਂ ਝਾਕੀਆਂ ਸ਼ਾਮਲ ਸਨ। ਪ੍ਰਬੰਧਕ ਕਮੇਟੀ ਨੇ ਦੱਸਿਆ ਕਿ ਇਸ ਵਾਰ ਪੁਤਲਿਆਂ ਦੀ ਉਚਾਈ ਪਿਛਲੇ ਸਾਲ ਨਾਲੋਂ ਵੱਧ ਰੱਖੀ ਗਈ ਸੀ। ਆਤਿਸ਼ਬਾਜ਼ੀ ਦਾ ਵੀ ਵਿਸ਼ੇਸ਼ ਪ੍ਰਬੰਧ ਕੀਤਾ ਗਿਆ ਸੀ। ਪੁਲਿਸ ਪ੍ਰਸ਼ਾਸਨ ਵੱਲੋਂ ਸੁਰੱਖਿਆ ਦੇ ਸਖਤ ਪ੍ਰਬੰਧ ਕੀਤੇ ਗਏ ਸਨ ਅਤੇ ਪੂਰੇ ਸ਼ਹਿਰ ਵਿੱਚ ਟ੍ਰੈਫਿਕ ਦਾ ਰੂਟ ਬਦਲਿਆ ਗਿਆ ਸੀ। ਸਮਾਗਮ ਵਿੱਚ ਸ਼ਹਿਰ ਦੀਆਂ ਪਤਵੰਤੀਆਂ ਸ਼ਖਸੀਅਤਾਂ ਨੇ ਸ਼ਿਰਕਤ ਕੀਤੀ ਅਤੇ ਸਭ ਨੂੰ ਦੁਸਹਿਰੇ ਦੀਆਂ ਵਧਾਈਆਂ ਦਿੱਤੀਆਂ। ਉਨ੍ਹਾਂ ਕਿਹਾ ਕਿ ਇਹ ਤਿਉਹਾਰ ਬੁਰਾਈ ਉੱਤੇ ਚੰਗਿਆਈ ਦੀ ਜਿੱਤ ਦਾ ਪ੍ਰਤੀਕ ਹੈ।
ਸਲਾਨਾ ਛਿੰਝ ਮੇਲਾ ਪੁਰਬੀਨ ਕੁਹਾਲੀ ਨੇ ਜਿੱਤਿਆ
ਛਿੰਝ ਮੇਲੇ ਦੌਰਾਨ ਜੇਤੂ ਪਹਿਲਵਾਨਾਂ ਨੂੰ ਸਨਮਾਨਿਤ ਕਰਦੇ ਹੋਏ ਪ੍ਰਬੰਧਕ।
ਕੁਹਾਲੀ, 2 ਅਕਤੂਬਰ (ਹਰਜਿੰਦਰ ਸਿੰਘ ਵਾਲੀ) - ਪਿੰਡ ਪੁਰ ਮੁਕਾਬਲਾ ਸਿੰਘ ਕੁਹਾਲਾ ਸਾਲਾਨਾ ਛਿੰਝ ਮੇਲਾ ਕਰਵਾਇਆ ਗਿਆ ਜਿਸ ਵਿੱਚ ਵੱਖ ਵੱਖ ਸੂਬਿਆਂ ਤੋਂ ਆਏ ਪਹਿਲਵਾਨਾਂ ਨੇ ਆਪਣੇ ਜੌਹਰ ਦਿਖਾਏ। ਮੇਲੇ ਦੀ ਮੁੱਖ ਕੁਸ਼ਤੀ ਬੜੀ ਦਿਲਚਸਪ ਰਹੀ ਜਿਸ ਵਿੱਚ ਪੁਰਬੀਨ ਕੁਹਾਲੀ ਨੇ ਆਪਣੇ ਵਿਰੋਧੀ ਨੂੰ ਹਰਾ ਕੇ ਜਿੱਤ ਹਾਸਲ ਕੀਤੀ। ਜੇਤੂ ਪਹਿਲਵਾਨ ਨੂੰ ਨਕਦ ਇਨਾਮ ਅਤੇ ਟਰਾਫੀ ਦੇ ਕੇ ਸਨਮਾਨਿਤ ਕੀਤਾ ਗਿਆ। ਮੇਲੇ ਨੂੰ ਵੇਖਣ ਲਈ ਹਜ਼ਾਰਾਂ ਦੀ ਗਿਣਤੀ ਵਿੱਚ ਦਰਸ਼ਕ ਪਹੁੰਚੇ ਹੋਏ ਸਨ। ਇਸ ਮੌਕੇ ਪ੍ਰਬੰਧਕਾਂ ਨੇ ਕਿਹਾ ਕਿ ਅਜਿਹੇ ਮੇਲੇ ਸਾਡੇ ਅਮੀਰ ਸੱਭਿਆਚਾਰ ਅਤੇ ਵਿਰਸੇ ਦੀ ਪਛਾਣ ਹਨ ਅਤੇ ਨੌਜਵਾਨਾਂ ਨੂੰ ਨਸ਼ਿਆਂ ਤੋਂ ਦੂਰ ਰੱਖਣ ਵਿੱਚ ਸਹਾਈ ਹੁੰਦੇ ਹਨ। ਉਨ੍ਹਾਂ ਨੌਜਵਾਨਾਂ ਨੂੰ ਖੇਡਾਂ ਨਾਲ ਜੁੜਨ ਦੀ ਅਪੀਲ ਕੀਤੀ।
ਸੰਤ ਸ਼ੁਧਾਈ 'ਚ ਮਨਮੁਖ ਸੂਹੀ ਡੇਰੇ ਵਾਲਿਆਂ ਦੀ ਲਗਾਤਾਰ ਬਰਸੀ ਸਮਾਗਮ 'ਚ ਸੰਗਤਾਂ ਨੇ ਵੱਡੀ ਗਿਣਤੀ 'ਚ ਹਾਜ਼ਰੀਆਂ ਭਰੀ
ਬਰਸੀ ਸਮਾਗਮ ਦੌਰਾਨ ਹਾਜ਼ਰ ਸੰਗਤਾਂ ਅਤੇ ਪ੍ਰਬੰਧਕ।
ਬਰਸੀ ਸਮਾਗਮ ਦੌਰਾਨ ਸੰਗਤਾਂ ਨੇ ਵੱਡੀ ਗਿਣਤੀ ਵਿੱਚ ਹਾਜ਼ਰੀ ਭਰੀ ਅਤੇ ਗੁਰਬਾਣੀ ਦਾ ਰਸ ਮਾਣਿਆ। ਇਸ ਮੌਕੇ ਰਾਗੀ ਜਥਿਆਂ ਅਤੇ ਢਾਡੀ ਵਾਰਾਂ ਗਾਇਨ ਕਰਨ ਵਾਲਿਆਂ ਨੇ ਸੰਗਤਾਂ ਨੂੰ ਨਿਹਾਲ ਕੀਤਾ। ਲੰਗਰ ਅਤੁੱਟ ਵਰਤਿਆ।
ਬਸਪਾ ਵੱਲੋਂ ਸਾਹਿਬ ਕਾਂਸ਼ੀ ਰਾਮ ਦੇ ਪ੍ਰੀਨਿਰਵਾਨ ਦਿਵਸ ਦੇ ਸੰਬੰਧ 'ਚ ਮੀਟਿੰਗ ਕੀਤੀ- ਰੁਕਮਾ
ਬਸਪਾ ਵੱਲੋਂ ਮਾਨਯੋਗ ਸਾਹਿਬ ਕਾਂਸ਼ੀ ਰਾਮ ਜੀ ਦੇ ਪ੍ਰੀਨਿਰਵਾਨ ਦਿਵਸ ਦੇ ਸੰਬੰਧ ਵਿੱਚ ਇੱਕ ਅਹਿਮ ਮੀਟਿੰਗ ਕੀਤੀ ਗਈ ਜਿਸ ਵਿੱਚ ਪਾਰਟੀ ਦੇ ਸੀਨੀਅਰ ਆਗੂਆਂ ਅਤੇ ਵਰਕਰਾਂ ਨੇ ਸ਼ਿਰਕਤ ਕੀਤੀ। ਮੀਟਿੰਗ ਦੌਰਾਨ ਪ੍ਰੋਗਰਾਮ ਦੀ ਰੂਪ ਰੇਖਾ ਤਿਆਰ ਕੀਤੀ ਗਈ। ਆਗੂਆਂ ਨੇ ਕਿਹਾ ਕਿ ਸਾਹਿਬ ਕਾਂਸ਼ੀ ਰਾਮ ਜੀ ਨੇ ਦੱਬੇ ਕੁਚਲੇ ਵਰਗਾਂ ਨੂੰ ਜਗਾਉਣ ਦਾ ਕੰਮ ਕੀਤਾ ਅਤੇ ਉਨ੍ਹਾਂ ਨੂੰ ਰਾਜਨੀਤਕ ਤਾਕਤ ਦਿਵਾਈ। ਉਨ੍ਹਾਂ ਕਿਹਾ ਕਿ ਪਾਰਟੀ ਉਨ੍ਹਾਂ ਦੇ ਦਿਖਾਏ ਰਾਹ ਤੇ ਚੱਲਦੀ ਰਹੇਗੀ। ਇਸ ਮੌਕੇ ਵਰਕਰਾਂ ਨੂੰ ਵੱਧ ਤੋਂ ਵੱਧ ਗਿਣਤੀ ਵਿੱਚ ਪ੍ਰੋਗਰਾਮ ਵਿੱਚ ਸ਼ਾਮਲ ਹੋਣ ਦੀ ਅਪੀਲ ਕੀਤੀ ਗਈ।
ਮੀਟਿੰਗ ਦੌਰਾਨ ਹਾਜ਼ਰ ਬਸਪਾ ਆਗੂ ਅਤੇ ਵਰਕਰ।
ਗੁਰਮੇਲ ਸਿੰਘ ਸਿੱਧੂ ਸੀਨੇ: ਆਗੂ ਸ਼੍ਰੋਮਣੀ ਅਕਾਲੀ ਦਲ ਬਾਦਲ ਵੱਲੋਂ ਲਗਾਤਾਰ ਜਾਰੀ ਹੈ ਹੜ੍ਹ ਪੀੜਤਾਂ ਦੀ ਮਦਦ
ਹੜ੍ਹ ਪੀੜਤਾਂ ਦੀ ਹਰ ਸੰਭਵ ਮਦਦ ਕਰਦਾ ਸ਼੍ਰੋਮਣੀ ਅਕਾਲੀ ਦਲ ਬਾਦਲ: ਗੁਰਮੇਲ ਸਿੰਘ ਸਿੱਧੂ
ਸਤੰਬਰ 02 ਅਕਤੂਬਰ (ਸਟਾਫ ਰਿਪੋਰਟਰ)- ਸ਼੍ਰੋਮਣੀ ਅਕਾਲੀ ਦਲ ਬਾਦਲ ਵੱਲੋਂ ਹੜ੍ਹ ਪੀੜਤਾਂ ਦੀ ਮਦਦ ਲਗਾਤਾਰ ਜਾਰੀ ਹੈ। ਪਾਰਟੀ ਦੇ ਸੀਨੀਅਰ ਆਗੂ ਗੁਰਮੇਲ ਸਿੰਘ ਸਿੱਧੂ ਨੇ ਦੱਸਿਆ ਕਿ ਪਾਰਟੀ ਵਰਕਰ ਪਿੰਡ ਪਿੰਡ ਜਾ ਕੇ ਲੋੜਵੰਦ ਪਰਿਵਾਰਾਂ ਨੂੰ ਰਾਸ਼ਨ, ਕੱਪੜੇ ਅਤੇ ਦਵਾਈਆਂ ਵੰਡ ਰਹੇ ਹਨ। ਉਨ੍ਹਾਂ ਕਿਹਾ ਕਿ ਜਦੋਂ ਤੱਕ ਹਾਲਾਤ ਆਮ ਵਰਗੇ ਨਹੀਂ ਹੋ ਜਾਂਦੇ ਉਦੋਂ ਤੱਕ ਇਹ ਸੇਵਾ ਜਾਰੀ ਰਹੇਗੀ। ਉਨ੍ਹਾਂ ਸਰਕਾਰ ਤੋਂ ਮੰਗ ਕੀਤੀ ਕਿ ਹੜ੍ਹ ਪੀੜਤਾਂ ਨੂੰ ਤੁਰੰਤ ਮੁਆਵਜ਼ਾ ਦਿੱਤਾ ਜਾਵੇ ਅਤੇ ਖਰਾਬ ਹੋਈਆਂ ਫਸਲਾਂ ਦੀ ਗਿਰਦਾਵਰੀ ਕਰਵਾਈ ਜਾਵੇ। ਇਸ ਮੌਕੇ ਪਾਰਟੀ ਦੇ ਹੋਰ ਆਗੂ ਵੀ ਹਾਜ਼ਰ ਸਨ।
